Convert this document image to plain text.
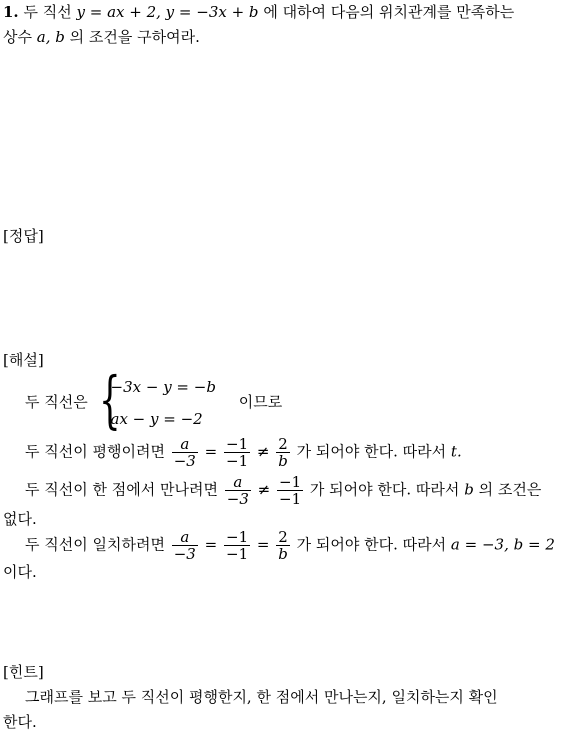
1. 두 직선 y = ax + 2, y = −3x + b 에 대하여 다음의 위치관계를 만족하는
상수 a, b 의 조건을 구하여라.
[정답]
[해설]
두 직선은 {
−3x − y = −b
ax − y = −2
이므로
두 직선이 평행이려면 $\frac{a}{-3} = \frac{-1}{-1} \ne \frac{2}{b}$ 가 되어야 한다. 따라서 t.
두 직선이 한 점에서 만나려면 $\frac{a}{-3} \ne \frac{-1}{-1}$ 가 되어야 한다. 따라서 b 의 조건은
없다.
두 직선이 일치하려면 $\frac{a}{-3} = \frac{-1}{-1} = \frac{2}{b}$ 가 되어야 한다. 따라서 a = −3, b = 2
이다.
[힌트]
그래프를 보고 두 직선이 평행한지, 한 점에서 만나는지, 일치하는지 확인
한다.
